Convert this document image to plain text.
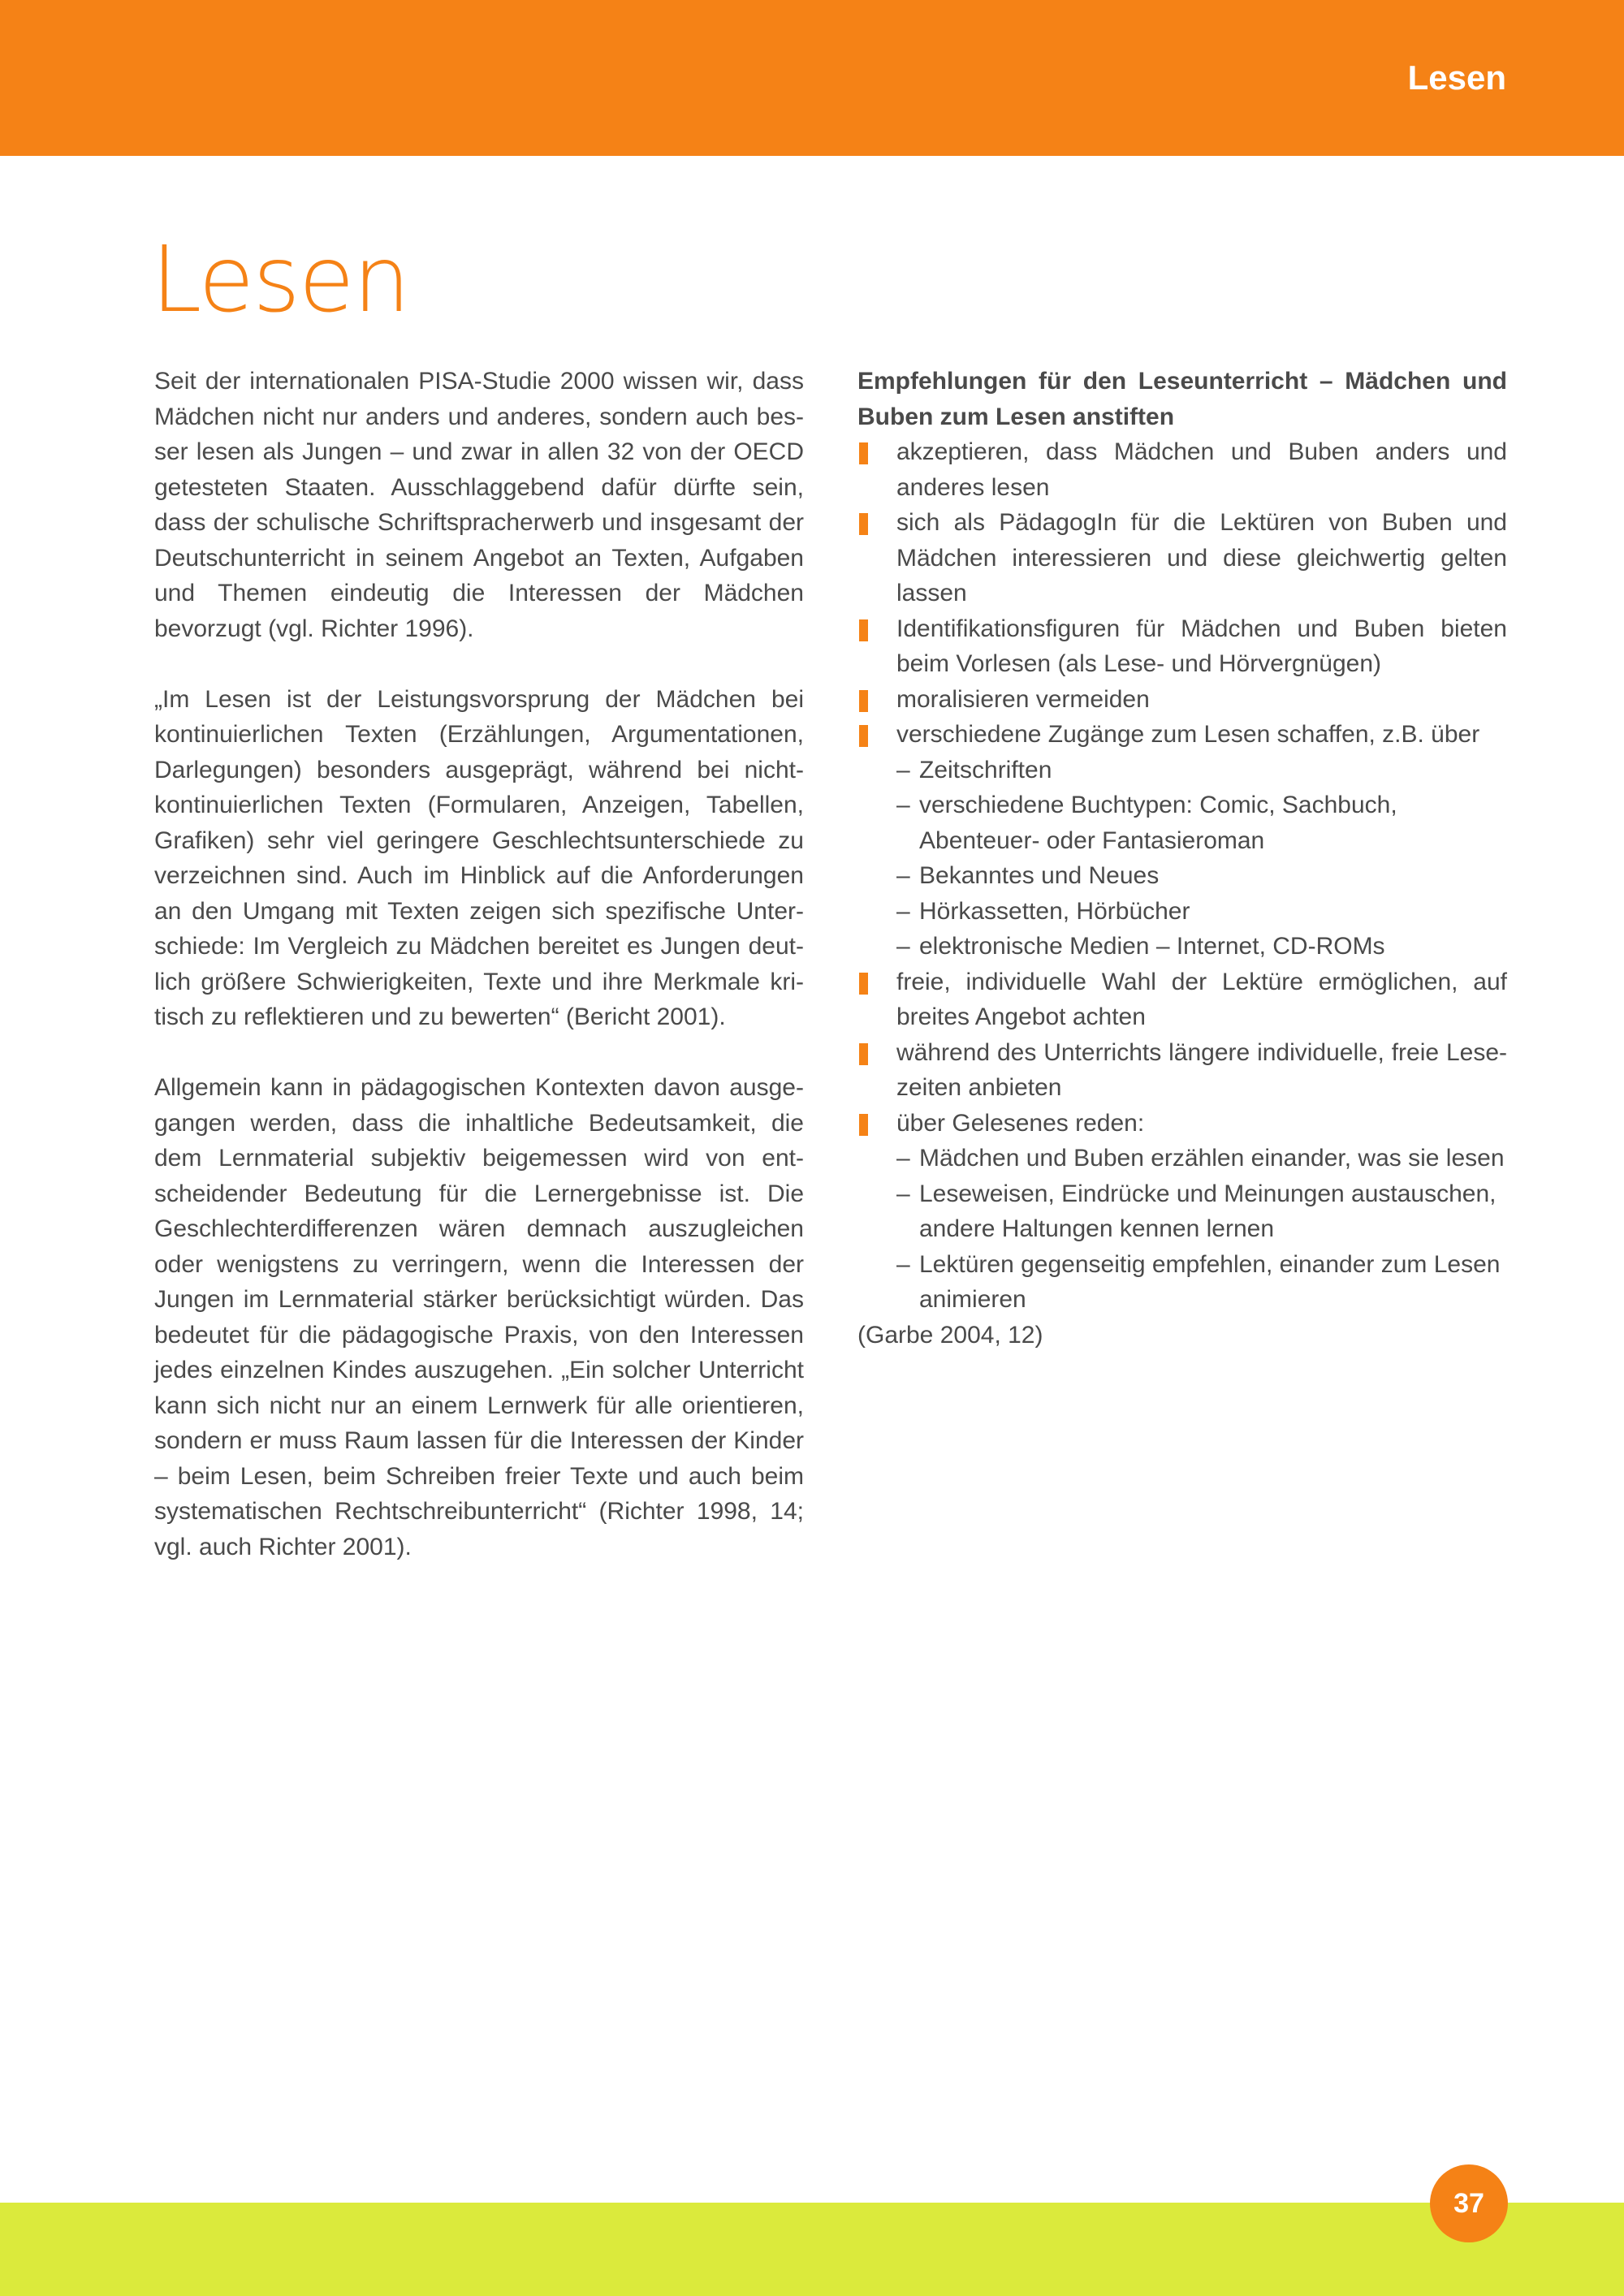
Lesen
Lesen

Seit der internationalen PISA-Studie 2000 wissen wir, dass Mädchen nicht nur anders und anderes, sondern auch besser lesen als Jungen – und zwar in allen 32 von der OECD getesteten Staaten. Ausschlaggebend dafür dürfte sein, dass der schulische Schriftspracherwerb und insgesamt der Deutschunterricht in seinem Angebot an Texten, Aufgaben und Themen eindeutig die Interessen der Mädchen bevorzugt (vgl. Richter 1996).

„Im Lesen ist der Leistungsvorsprung der Mädchen bei kontinuierlichen Texten (Erzählungen, Argumentationen, Darlegungen) besonders ausgeprägt, während bei nichtkontinuierlichen Texten (Formularen, Anzeigen, Tabellen, Grafiken) sehr viel geringere Geschlechtsunterschiede zu verzeichnen sind. Auch im Hinblick auf die Anforderungen an den Umgang mit Texten zeigen sich spezifische Unterschiede: Im Vergleich zu Mädchen bereitet es Jungen deutlich größere Schwierigkeiten, Texte und ihre Merkmale kritisch zu reflektieren und zu bewerten“ (Bericht 2001).

Allgemein kann in pädagogischen Kontexten davon ausgegangen werden, dass die inhaltliche Bedeutsamkeit, die dem Lernmaterial subjektiv beigemessen wird von entscheidender Bedeutung für die Lernergebnisse ist. Die Geschlechterdifferenzen wären demnach auszugleichen oder wenigstens zu verringern, wenn die Interessen der Jungen im Lernmaterial stärker berücksichtigt würden. Das bedeutet für die pädagogische Praxis, von den Interessen jedes einzelnen Kindes auszugehen. „Ein solcher Unterricht kann sich nicht nur an einem Lernwerk für alle orientieren, sondern er muss Raum lassen für die Interessen der Kinder – beim Lesen, beim Schreiben freier Texte und auch beim systematischen Rechtschreibunterricht“ (Richter 1998, 14; vgl. auch Richter 2001).

Empfehlungen für den Leseunterricht – Mädchen und Buben zum Lesen anstiften

akzeptieren, dass Mädchen und Buben anders und anderes lesen
sich als PädagogIn für die Lektüren von Buben und Mädchen interessieren und diese gleichwertig gelten lassen
Identifikationsfiguren für Mädchen und Buben bieten beim Vorlesen (als Lese- und Hörvergnügen)
moralisieren vermeiden
verschiedene Zugänge zum Lesen schaffen, z.B. über
– Zeitschriften
– verschiedene Buchtypen: Comic, Sachbuch, Abenteuer- oder Fantasieroman
– Bekanntes und Neues
– Hörkassetten, Hörbücher
– elektronische Medien – Internet, CD-ROMs
freie, individuelle Wahl der Lektüre ermöglichen, auf breites Angebot achten
während des Unterrichts längere individuelle, freie Lesezeiten anbieten
über Gelesenes reden:
– Mädchen und Buben erzählen einander, was sie lesen
– Leseweisen, Eindrücke und Meinungen austauschen, andere Haltungen kennen lernen
– Lektüren gegenseitig empfehlen, einander zum Lesen animieren

(Garbe 2004, 12)

37
